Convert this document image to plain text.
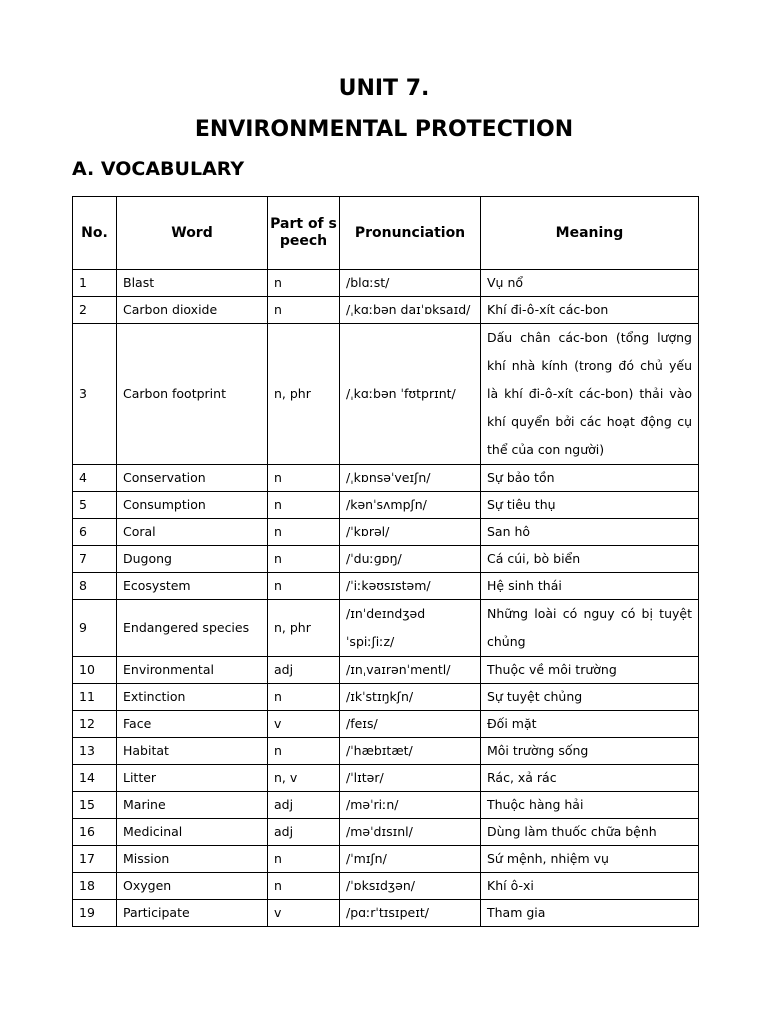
UNIT 7.
ENVIRONMENTAL PROTECTION
A. VOCABULARY
No.	Word	Part of speech	Pronunciation	Meaning
1	Blast	n	/blɑːst/	Vụ nổ
2	Carbon dioxide	n	/ˌkɑːbən daɪˈɒksaɪd/	Khí đi-ô-xít các-bon
3	Carbon footprint	n, phr	/ˌkɑːbən ˈfʊtprɪnt/	Dấu chân các-bon (tổng lượng khí nhà kính (trong đó chủ yếu là khí đi-ô-xít các-bon) thải vào khí quyển bởi các hoạt động cụ thể của con người)
4	Conservation	n	/ˌkɒnsəˈveɪʃn/	Sự bảo tồn
5	Consumption	n	/kənˈsʌmpʃn/	Sự tiêu thụ
6	Coral	n	/ˈkɒrəl/	San hô
7	Dugong	n	/ˈduːɡɒŋ/	Cá cúi, bò biển
8	Ecosystem	n	/ˈiːkəʊsɪstəm/	Hệ sinh thái
9	Endangered species	n, phr	/ɪnˈdeɪndʒəd ˈspiːʃiːz/	Những loài có nguy có bị tuyệt chủng
10	Environmental	adj	/ɪnˌvaɪrənˈmentl/	Thuộc về môi trường
11	Extinction	n	/ɪkˈstɪŋkʃn/	Sự tuyệt chủng
12	Face	v	/feɪs/	Đối mặt
13	Habitat	n	/ˈhæbɪtæt/	Môi trường sống
14	Litter	n, v	/ˈlɪtər/	Rác, xả rác
15	Marine	adj	/məˈriːn/	Thuộc hàng hải
16	Medicinal	adj	/məˈdɪsɪnl/	Dùng làm thuốc chữa bệnh
17	Mission	n	/ˈmɪʃn/	Sứ mệnh, nhiệm vụ
18	Oxygen	n	/ˈɒksɪdʒən/	Khí ô-xi
19	Participate	v	/pɑːrˈtɪsɪpeɪt/	Tham gia
